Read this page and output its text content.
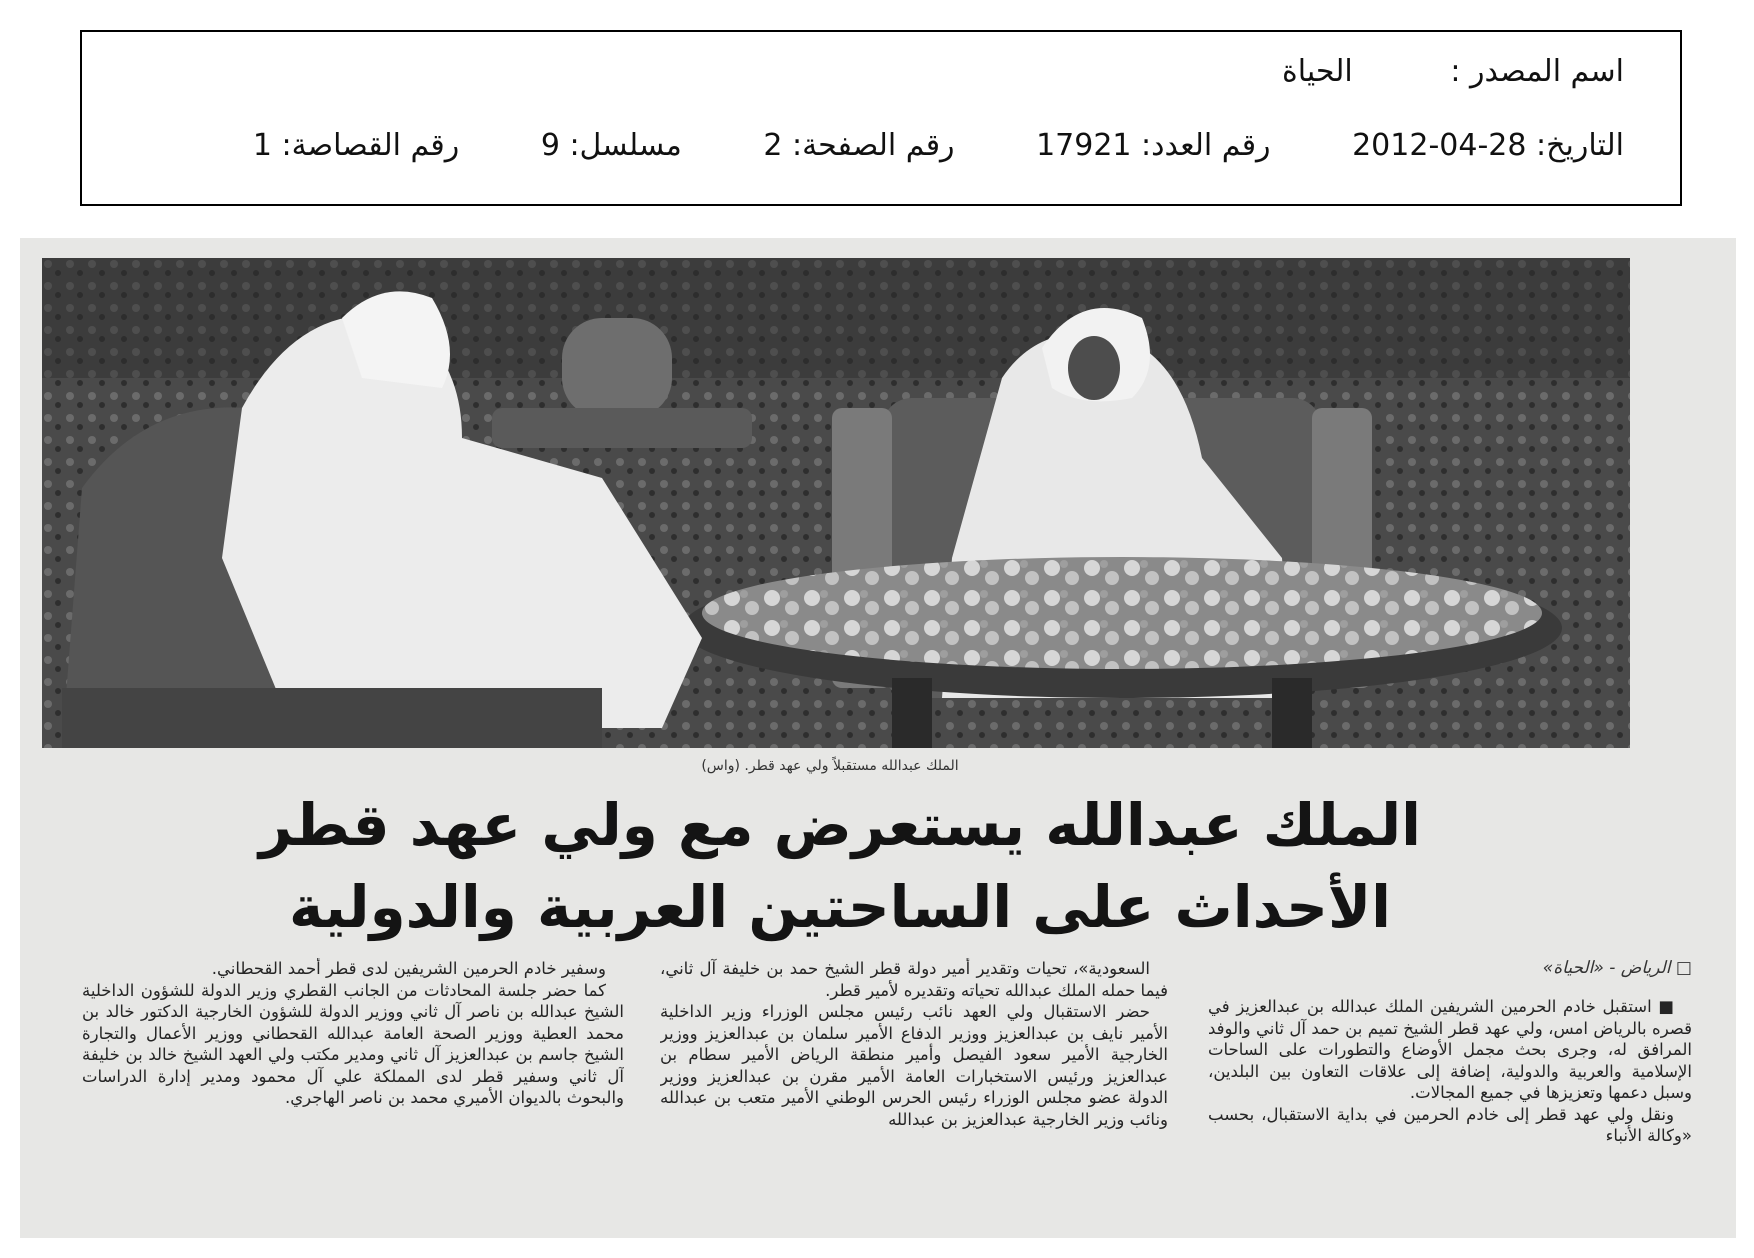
اسم المصدر : الحياة
التاريخ: 28-04-2012 رقم العدد: 17921 رقم الصفحة: 2 مسلسل: 9 رقم القصاصة: 1
الملك عبدالله مستقبلاً ولي عهد قطر. (واس)
الملك عبدالله يستعرض مع ولي عهد قطر
الأحداث على الساحتين العربية والدولية
□ الرياض - «الحياة»

■ استقبل خادم الحرمين الشريفين الملك عبدالله بن عبدالعزيز في قصره بالرياض امس، ولي عهد قطر الشيخ تميم بن حمد آل ثاني والوفد المرافق له، وجرى بحث مجمل الأوضاع والتطورات على الساحات الإسلامية والعربية والدولية، إضافة إلى علاقات التعاون بين البلدين، وسبل دعمها وتعزيزها في جميع المجالات.

ونقل ولي عهد قطر إلى خادم الحرمين في بداية الاستقبال، بحسب «وكالة الأنباء

السعودية»، تحيات وتقدير أمير دولة قطر الشيخ حمد بن خليفة آل ثاني، فيما حمله الملك عبدالله تحياته وتقديره لأمير قطر.

حضر الاستقبال ولي العهد نائب رئيس مجلس الوزراء وزير الداخلية الأمير نايف بن عبدالعزيز ووزير الدفاع الأمير سلمان بن عبدالعزيز ووزير الخارجية الأمير سعود الفيصل وأمير منطقة الرياض الأمير سطام بن عبدالعزيز ورئيس الاستخبارات العامة الأمير مقرن بن عبدالعزيز ووزير الدولة عضو مجلس الوزراء رئيس الحرس الوطني الأمير متعب بن عبدالله ونائب وزير الخارجية عبدالعزيز بن عبدالله

وسفير خادم الحرمين الشريفين لدى قطر أحمد القحطاني.

كما حضر جلسة المحادثات من الجانب القطري وزير الدولة للشؤون الداخلية الشيخ عبدالله بن ناصر آل ثاني ووزير الدولة للشؤون الخارجية الدكتور خالد بن محمد العطية ووزير الصحة العامة عبدالله القحطاني ووزير الأعمال والتجارة الشيخ جاسم بن عبدالعزيز آل ثاني ومدير مكتب ولي العهد الشيخ خالد بن خليفة آل ثاني وسفير قطر لدى المملكة علي آل محمود ومدير إدارة الدراسات والبحوث بالديوان الأميري محمد بن ناصر الهاجري.
